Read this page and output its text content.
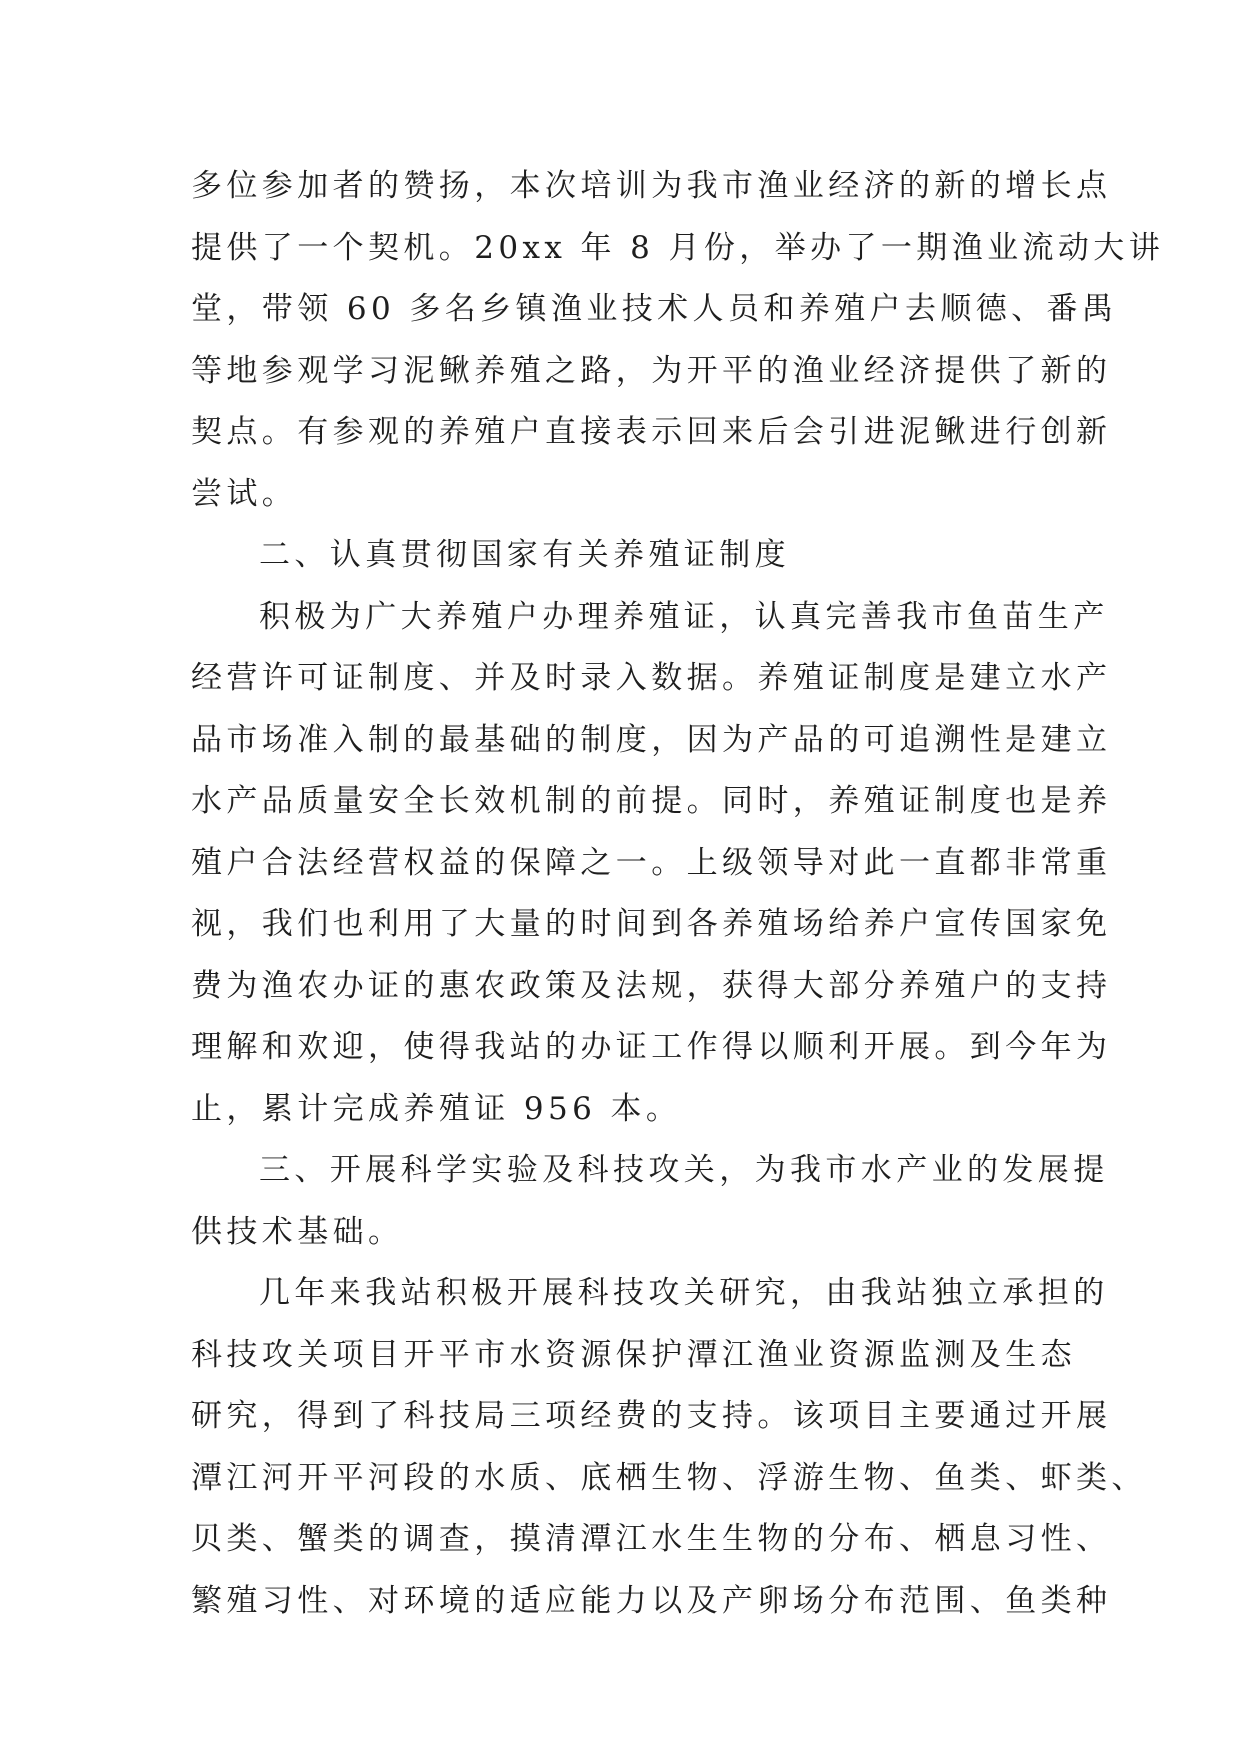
多位参加者的赞扬，本次培训为我市渔业经济的新的增长点
提供了一个契机。20xx 年 8 月份，举办了一期渔业流动大讲
堂，带领 60 多名乡镇渔业技术人员和养殖户去顺德、番禺
等地参观学习泥鳅养殖之路，为开平的渔业经济提供了新的
契点。有参观的养殖户直接表示回来后会引进泥鳅进行创新
尝试。
二、认真贯彻国家有关养殖证制度
积极为广大养殖户办理养殖证，认真完善我市鱼苗生产
经营许可证制度、并及时录入数据。养殖证制度是建立水产
品市场准入制的最基础的制度，因为产品的可追溯性是建立
水产品质量安全长效机制的前提。同时，养殖证制度也是养
殖户合法经营权益的保障之一。上级领导对此一直都非常重
视，我们也利用了大量的时间到各养殖场给养户宣传国家免
费为渔农办证的惠农政策及法规，获得大部分养殖户的支持
理解和欢迎，使得我站的办证工作得以顺利开展。到今年为
止，累计完成养殖证 956 本。
三、开展科学实验及科技攻关，为我市水产业的发展提
供技术基础。
几年来我站积极开展科技攻关研究，由我站独立承担的
科技攻关项目开平市水资源保护潭江渔业资源监测及生态
研究，得到了科技局三项经费的支持。该项目主要通过开展
潭江河开平河段的水质、底栖生物、浮游生物、鱼类、虾类、
贝类、蟹类的调查，摸清潭江水生生物的分布、栖息习性、
繁殖习性、对环境的适应能力以及产卵场分布范围、鱼类种
